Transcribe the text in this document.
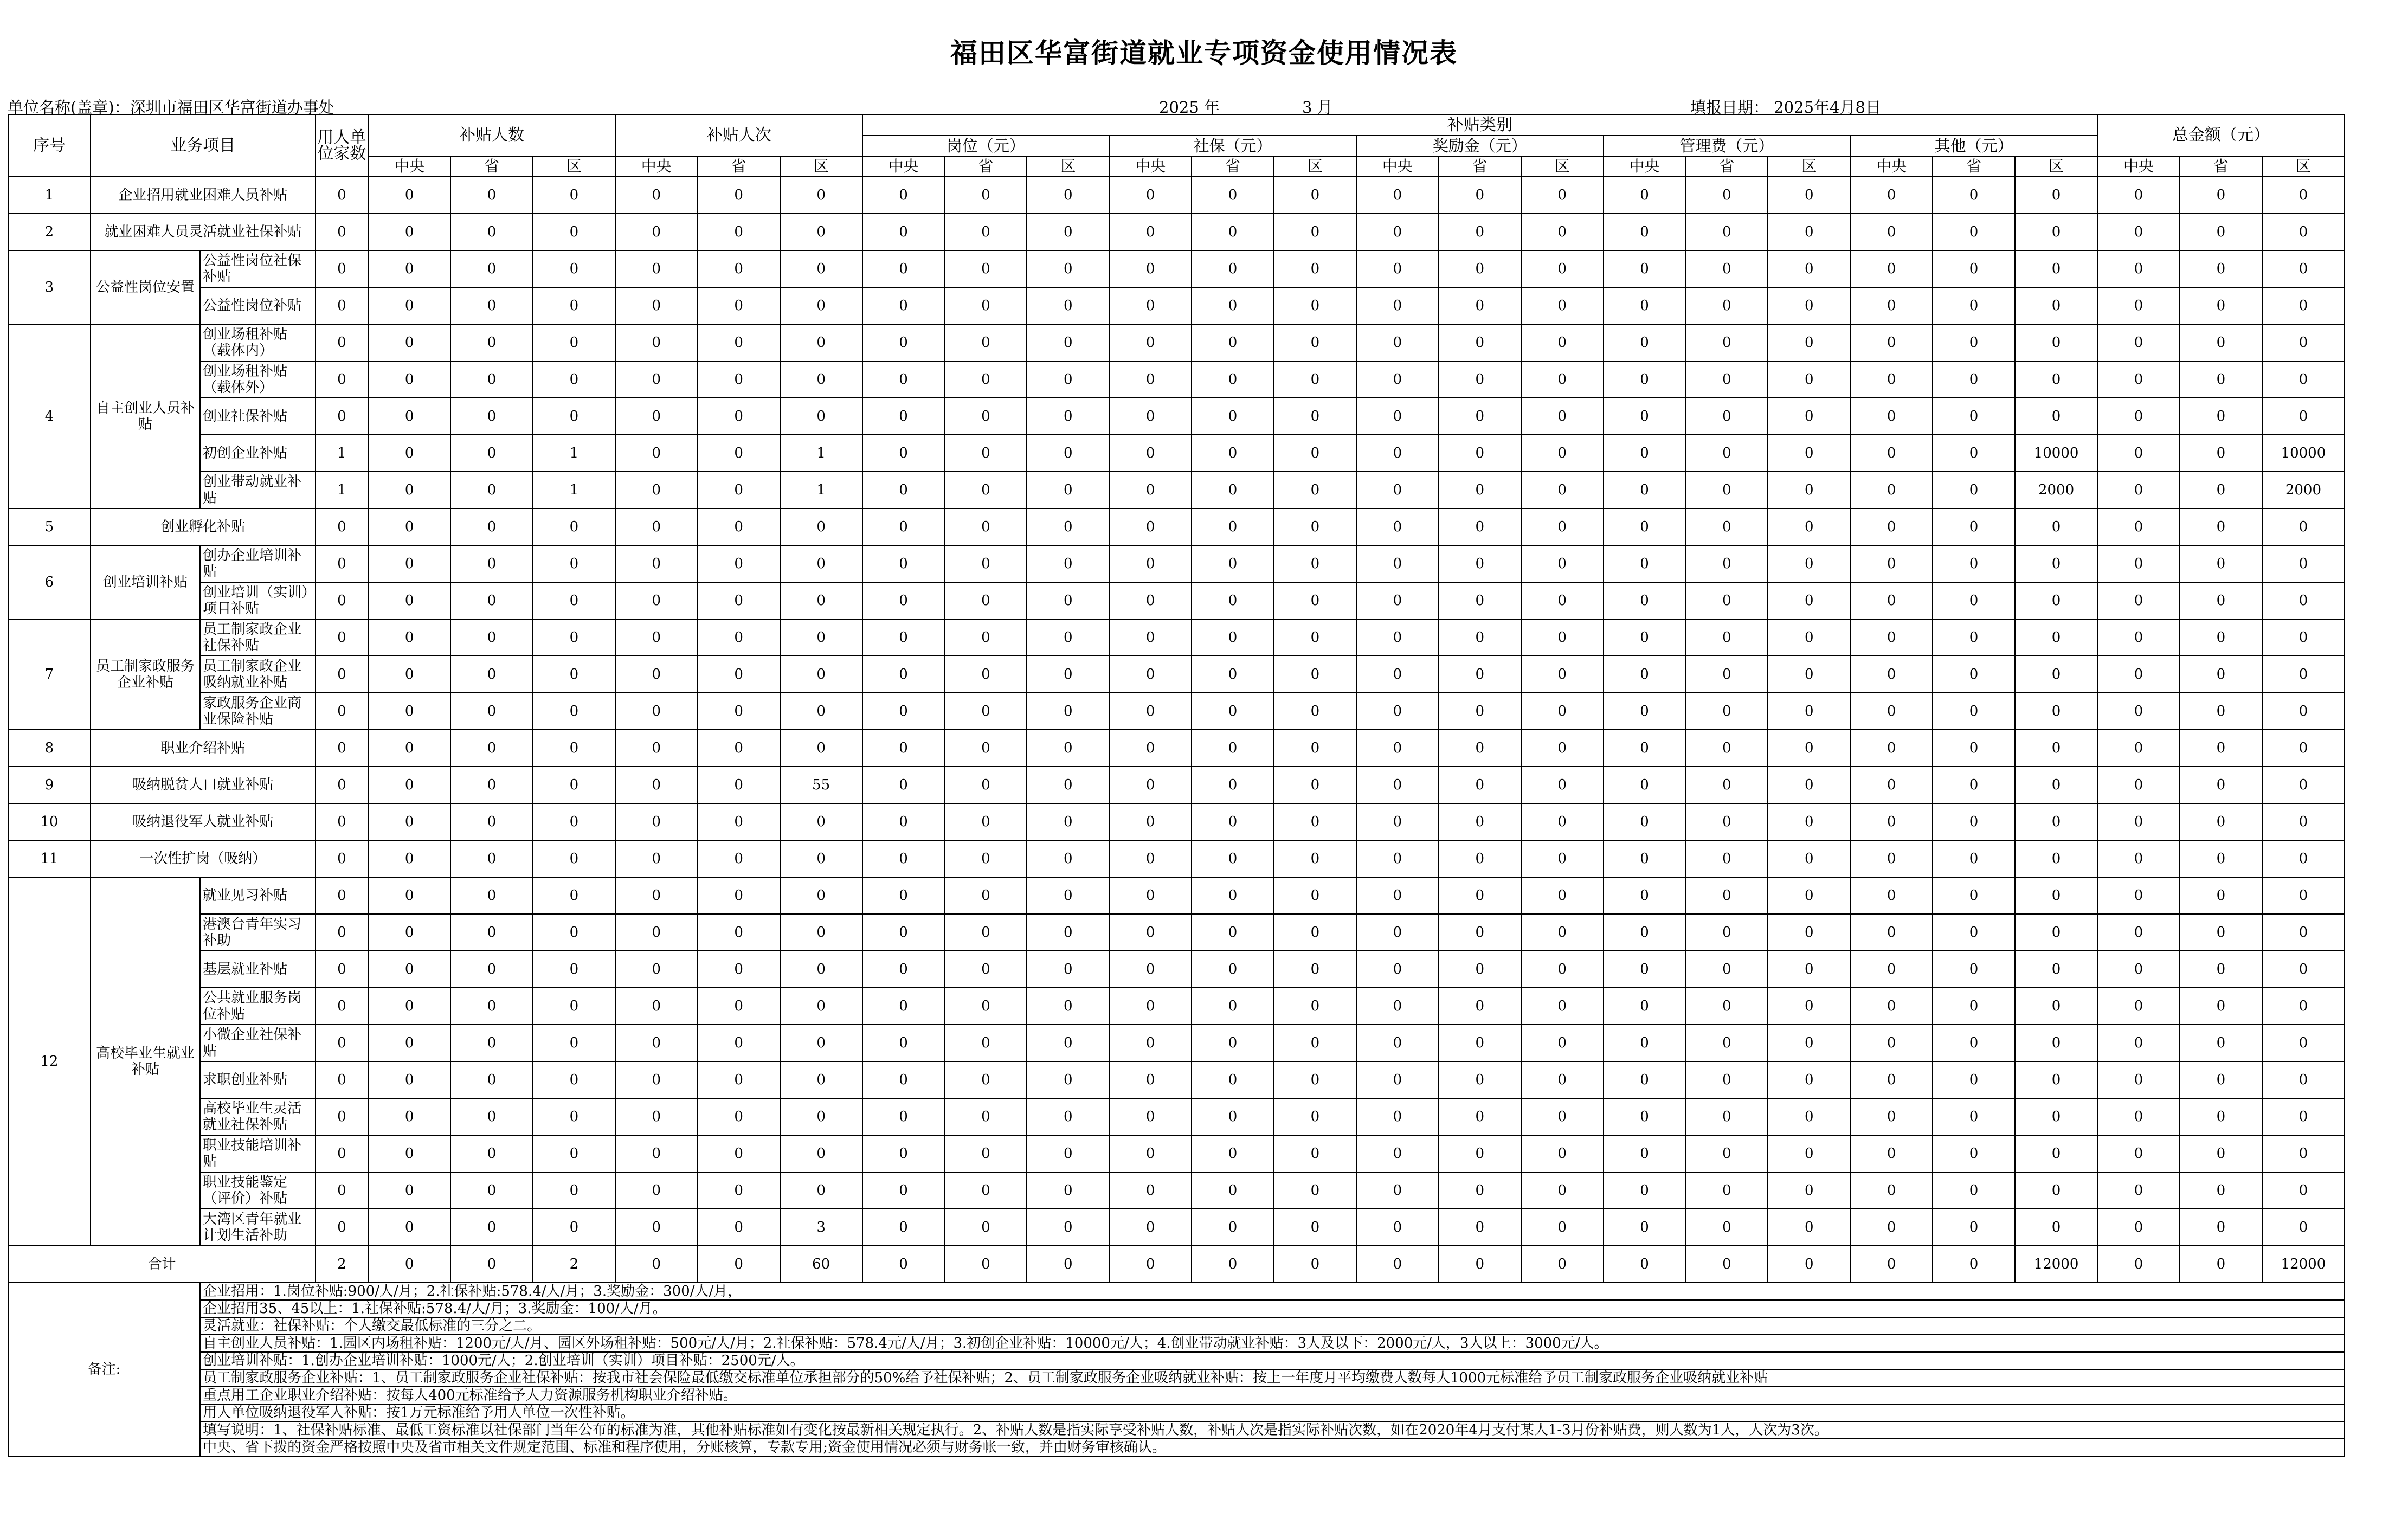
福田区华富街道就业专项资金使用情况表
单位名称(盖章)：深圳市福田区华富街道办事处	2025 年	3 月	填报日期： 2025年4月8日
序号	业务项目		用人单位家数	补贴人数			补贴人次			补贴类别															总金额（元）		
										岗位（元）			社保（元）			奖励金（元）			管理费（元）			其他（元）					
				中央	省	区	中央	省	区	中央	省	区	中央	省	区	中央	省	区	中央	省	区	中央	省	区	中央	省	区
1	企业招用就业困难人员补贴		0	0	0	0	0	0	0	0	0	0	0	0	0	0	0	0	0	0	0	0	0	0	0	0	0
2	就业困难人员灵活就业社保补贴		0	0	0	0	0	0	0	0	0	0	0	0	0	0	0	0	0	0	0	0	0	0	0	0	0
3	公益性岗位安置	公益性岗位社保补贴	0	0	0	0	0	0	0	0	0	0	0	0	0	0	0	0	0	0	0	0	0	0	0	0	0
		公益性岗位补贴	0	0	0	0	0	0	0	0	0	0	0	0	0	0	0	0	0	0	0	0	0	0	0	0	0
4	自主创业人员补贴	创业场租补贴（载体内）	0	0	0	0	0	0	0	0	0	0	0	0	0	0	0	0	0	0	0	0	0	0	0	0	0
		创业场租补贴（载体外）	0	0	0	0	0	0	0	0	0	0	0	0	0	0	0	0	0	0	0	0	0	0	0	0	0
		创业社保补贴	0	0	0	0	0	0	0	0	0	0	0	0	0	0	0	0	0	0	0	0	0	0	0	0	0
		初创企业补贴	1	0	0	1	0	0	1	0	0	0	0	0	0	0	0	0	0	0	0	0	0	10000	0	0	10000
		创业带动就业补贴	1	0	0	1	0	0	1	0	0	0	0	0	0	0	0	0	0	0	0	0	0	2000	0	0	2000
5	创业孵化补贴		0	0	0	0	0	0	0	0	0	0	0	0	0	0	0	0	0	0	0	0	0	0	0	0	0
6	创业培训补贴	创办企业培训补贴	0	0	0	0	0	0	0	0	0	0	0	0	0	0	0	0	0	0	0	0	0	0	0	0	0
		创业培训（实训）项目补贴	0	0	0	0	0	0	0	0	0	0	0	0	0	0	0	0	0	0	0	0	0	0	0	0	0
7	员工制家政服务企业补贴	员工制家政企业社保补贴	0	0	0	0	0	0	0	0	0	0	0	0	0	0	0	0	0	0	0	0	0	0	0	0	0
		员工制家政企业吸纳就业补贴	0	0	0	0	0	0	0	0	0	0	0	0	0	0	0	0	0	0	0	0	0	0	0	0	0
		家政服务企业商业保险补贴	0	0	0	0	0	0	0	0	0	0	0	0	0	0	0	0	0	0	0	0	0	0	0	0	0
8	职业介绍补贴		0	0	0	0	0	0	0	0	0	0	0	0	0	0	0	0	0	0	0	0	0	0	0	0	0
9	吸纳脱贫人口就业补贴		0	0	0	0	0	0	55	0	0	0	0	0	0	0	0	0	0	0	0	0	0	0	0	0	0
10	吸纳退役军人就业补贴		0	0	0	0	0	0	0	0	0	0	0	0	0	0	0	0	0	0	0	0	0	0	0	0	0
11	一次性扩岗（吸纳）		0	0	0	0	0	0	0	0	0	0	0	0	0	0	0	0	0	0	0	0	0	0	0	0	0
12	高校毕业生就业补贴	就业见习补贴	0	0	0	0	0	0	0	0	0	0	0	0	0	0	0	0	0	0	0	0	0	0	0	0	0
		港澳台青年实习补助	0	0	0	0	0	0	0	0	0	0	0	0	0	0	0	0	0	0	0	0	0	0	0	0	0
		基层就业补贴	0	0	0	0	0	0	0	0	0	0	0	0	0	0	0	0	0	0	0	0	0	0	0	0	0
		公共就业服务岗位补贴	0	0	0	0	0	0	0	0	0	0	0	0	0	0	0	0	0	0	0	0	0	0	0	0	0
		小微企业社保补贴	0	0	0	0	0	0	0	0	0	0	0	0	0	0	0	0	0	0	0	0	0	0	0	0	0
		求职创业补贴	0	0	0	0	0	0	0	0	0	0	0	0	0	0	0	0	0	0	0	0	0	0	0	0	0
		高校毕业生灵活就业社保补贴	0	0	0	0	0	0	0	0	0	0	0	0	0	0	0	0	0	0	0	0	0	0	0	0	0
		职业技能培训补贴	0	0	0	0	0	0	0	0	0	0	0	0	0	0	0	0	0	0	0	0	0	0	0	0	0
		职业技能鉴定（评价）补贴	0	0	0	0	0	0	0	0	0	0	0	0	0	0	0	0	0	0	0	0	0	0	0	0	0
		大湾区青年就业计划生活补助	0	0	0	0	0	0	3	0	0	0	0	0	0	0	0	0	0	0	0	0	0	0	0	0	0
合计			2	0	0	2	0	0	60	0	0	0	0	0	0	0	0	0	0	0	0	0	0	12000	0	0	12000
备注:		企业招用：1.岗位补贴:900/人/月；2.社保补贴:578.4/人/月；3.奖励金：300/人/月，																									
		企业招用35、45以上：1.社保补贴:578.4/人/月；3.奖励金：100/人/月。																									
		灵活就业：社保补贴：个人缴交最低标准的三分之二。																									
		自主创业人员补贴：1.园区内场租补贴：1200元/人/月、园区外场租补贴：500元/人/月；2.社保补贴：578.4元/人/月；3.初创企业补贴：10000元/人；4.创业带动就业补贴：3人及以下：2000元/人，3人以上：3000元/人。																									
		创业培训补贴：1.创办企业培训补贴：1000元/人；2.创业培训（实训）项目补贴：2500元/人。																									
		员工制家政服务企业补贴：1、员工制家政服务企业社保补贴：按我市社会保险最低缴交标准单位承担部分的50%给予社保补贴；2、员工制家政服务企业吸纳就业补贴：按上一年度月平均缴费人数每人1000元标准给予员工制家政服务企业吸纳就业补贴																									
		重点用工企业职业介绍补贴：按每人400元标准给予人力资源服务机构职业介绍补贴。																									
		用人单位吸纳退役军人补贴：按1万元标准给予用人单位一次性补贴。																									
		填写说明：1、社保补贴标准、最低工资标准以社保部门当年公布的标准为准，其他补贴标准如有变化按最新相关规定执行。2、补贴人数是指实际享受补贴人数，补贴人次是指实际补贴次数，如在2020年4月支付某人1-3月份补贴费，则人数为1人，人次为3次。																									
		中央、省下拨的资金严格按照中央及省市相关文件规定范围、标准和程序使用，分账核算，专款专用;资金使用情况必须与财务帐一致，并由财务审核确认。																									
